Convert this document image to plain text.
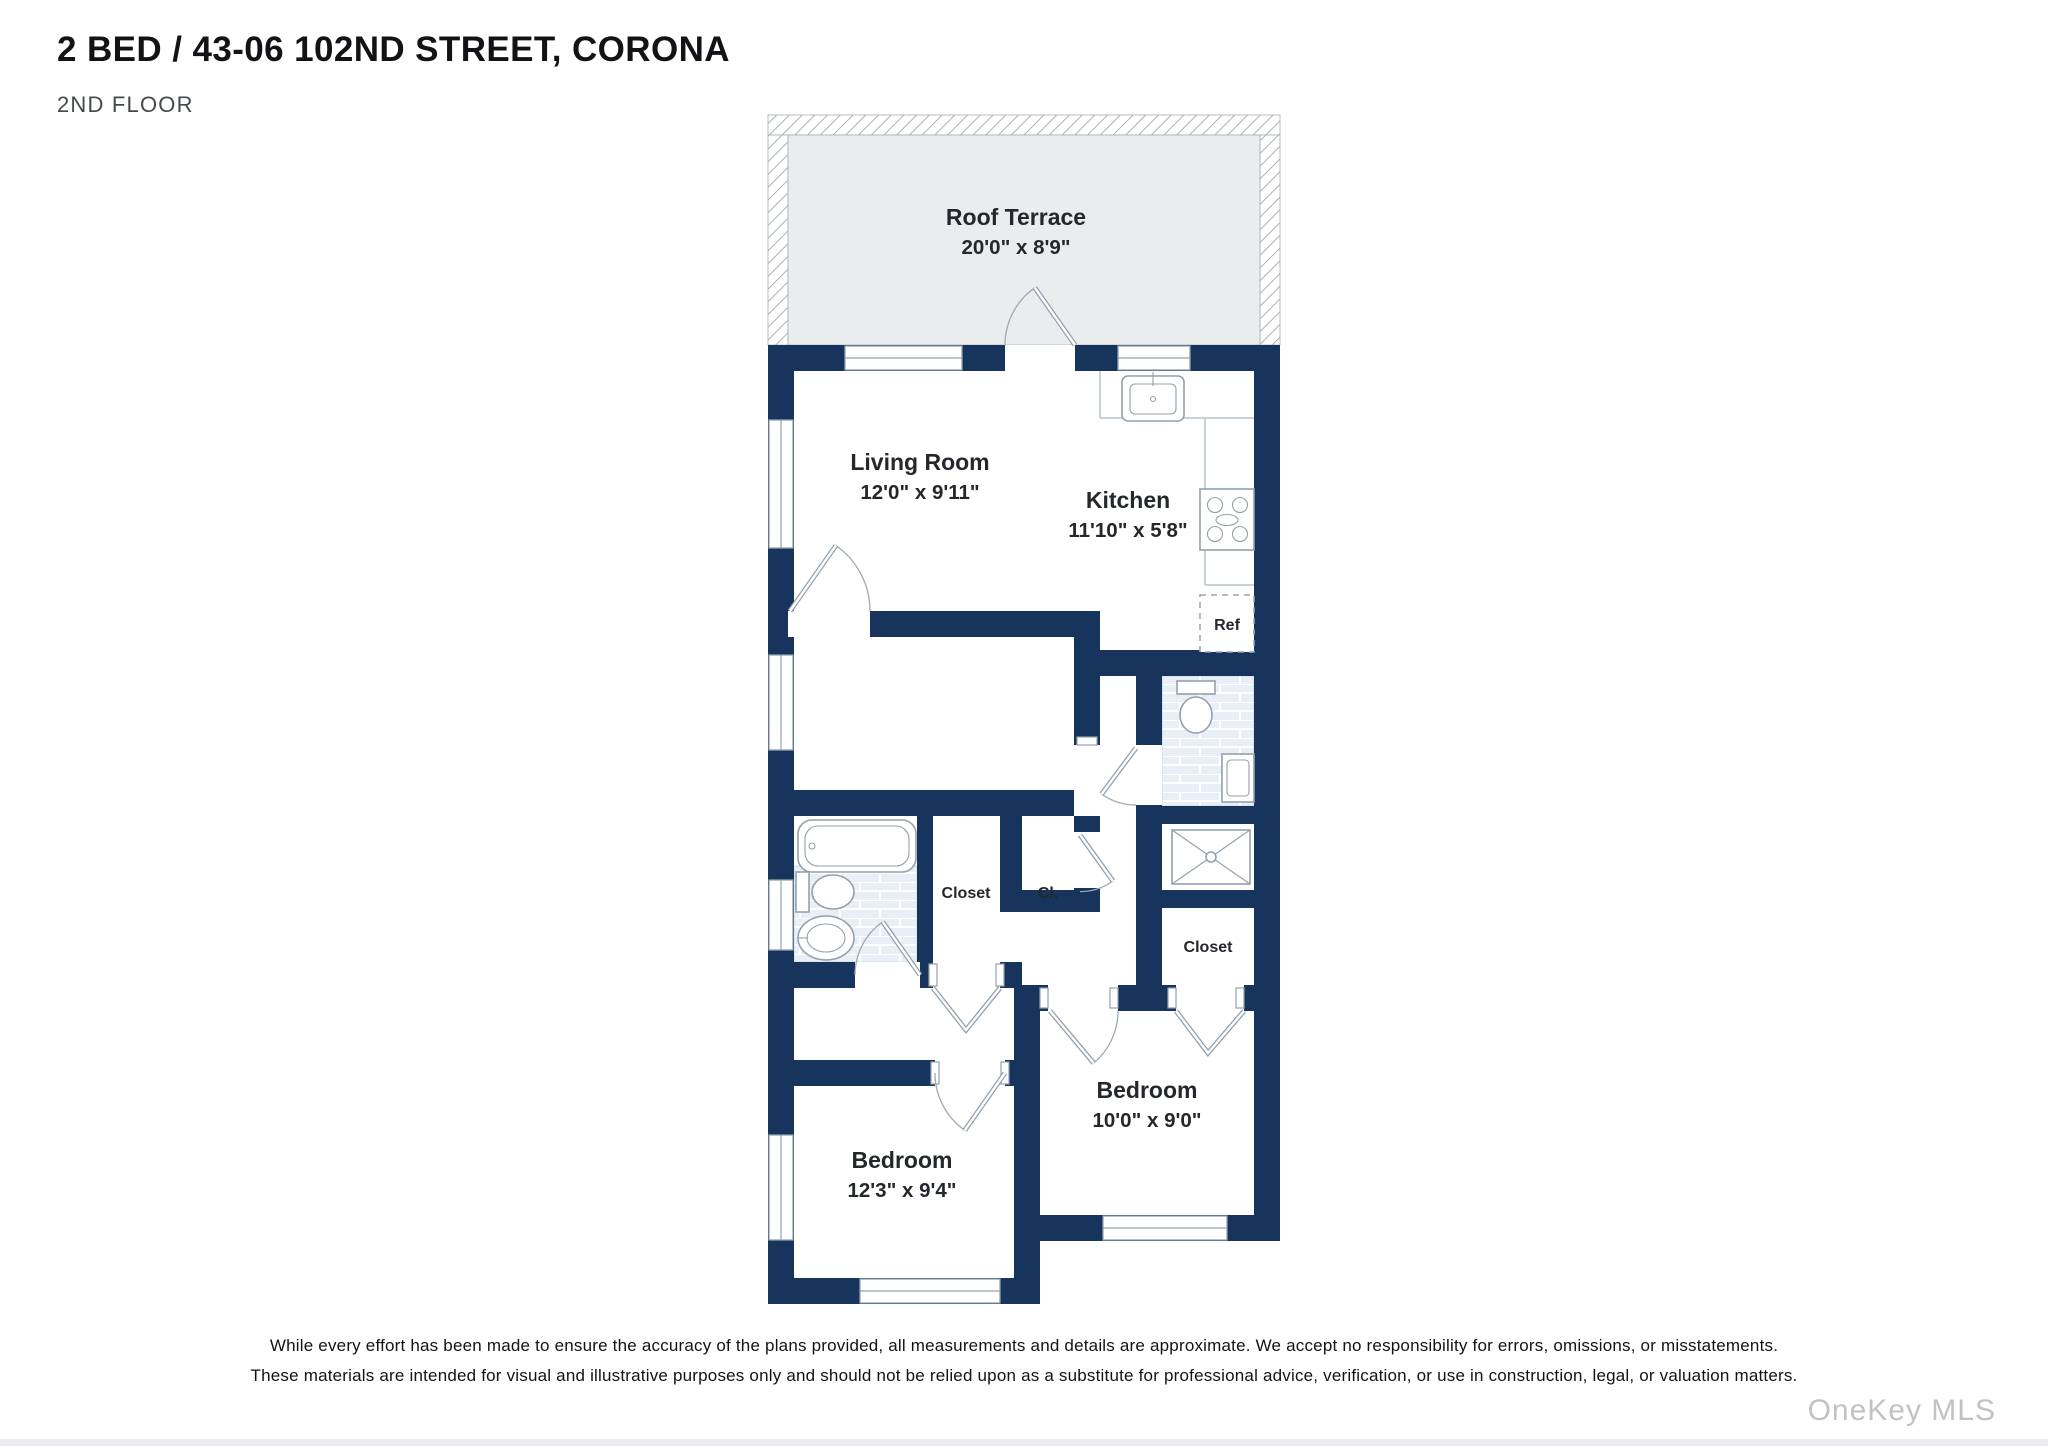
2 BED / 43-06 102ND STREET, CORONA
2ND FLOOR
Ref
Roof Terrace
20'0" x 8'9"
Living Room
12'0" x 9'11"	Kitchen
11'10" x 5'8"
Closet	Cl.
Closet
Bedroom
12'3" x 9'4"
Bedroom
10'0" x 9'0"

While every effort has been made to ensure the accuracy of the plans provided, all measurements and details are approximate. We accept no responsibility for errors, omissions, or misstatements.

These materials are intended for visual and illustrative purposes only and should not be relied upon as a substitute for professional advice, verification, or use in construction, legal, or valuation matters.

OneKey MLS
